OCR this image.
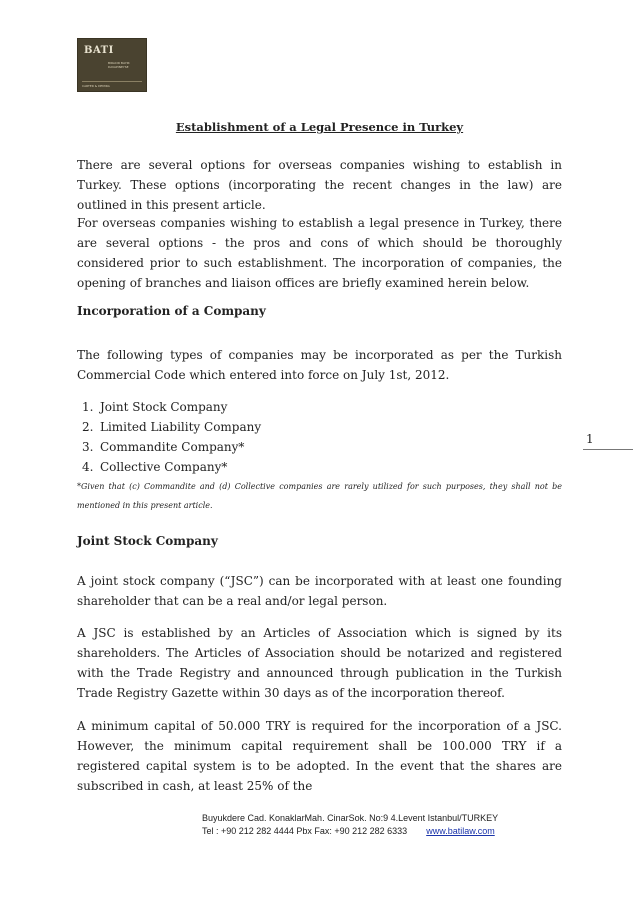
BATI
BIRACIR BAYIR DAVAPINEYSE
CARTER & DEMIRA
Establishment of a Legal Presence in Turkey
There are several options for overseas companies wishing to establish in Turkey. These options (incorporating the recent changes in the law) are outlined in this present article.
For overseas companies wishing to establish a legal presence in Turkey, there are several options - the pros and cons of which should be thoroughly considered prior to such establishment. The incorporation of companies, the opening of branches and liaison offices are briefly examined herein below.
Incorporation of a Company
The following types of companies may be incorporated as per the Turkish Commercial Code which entered into force on July 1st, 2012.
1. Joint Stock Company
2. Limited Liability Company
3. Commandite Company*
4. Collective Company*
*Given that (c) Commandite and (d) Collective companies are rarely utilized for such purposes, they shall not be mentioned in this present article.
Joint Stock Company
A joint stock company (“JSC”) can be incorporated with at least one founding shareholder that can be a real and/or legal person.
A JSC is established by an Articles of Association which is signed by its shareholders. The Articles of Association should be notarized and registered with the Trade Registry and announced through publication in the Turkish Trade Registry Gazette within 30 days as of the incorporation thereof.
A minimum capital of 50.000 TRY is required for the incorporation of a JSC. However, the minimum capital requirement shall be 100.000 TRY if a registered capital system is to be adopted. In the event that the shares are subscribed in cash, at least 25% of the
1
Buyukdere Cad. KonaklarMah. CinarSok. No:9 4.Levent Istanbul/TURKEY
Tel : +90 212 282 4444 Pbx Fax: +90 212 282 6333 www.batilaw.com
